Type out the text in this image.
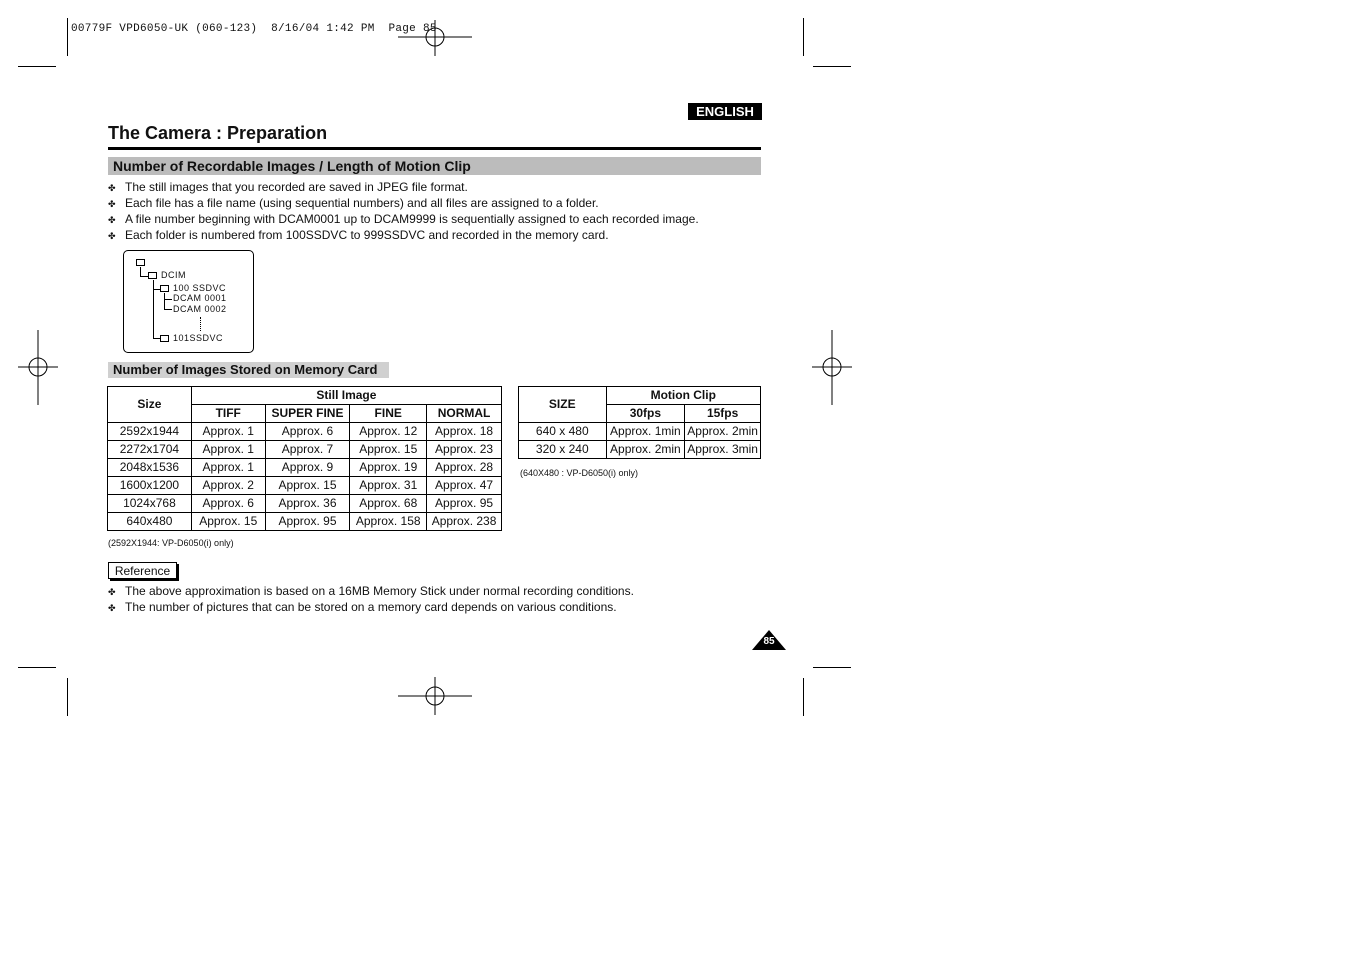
00779F VPD6050-UK (060-123)  8/16/04 1:42 PM  Page 85
ENGLISH
The Camera : Preparation
Number of Recordable Images / Length of Motion Clip
✤ The still images that you recorded are saved in JPEG file format.
✤ Each file has a file name (using sequential numbers) and all files are assigned to a folder.
✤ A file number beginning with DCAM0001 up to DCAM9999 is sequentially assigned to each recorded image.
✤ Each folder is numbered from 100SSDVC to 999SSDVC and recorded in the memory card.
DCIM
100 SSDVC
DCAM 0001
DCAM 0002
101SSDVC
Number of Images Stored on Memory Card
Size	Still Image			
	TIFF	SUPER FINE	FINE	NORMAL
2592x1944	Approx. 1	Approx. 6	Approx. 12	Approx. 18
2272x1704	Approx. 1	Approx. 7	Approx. 15	Approx. 23
2048x1536	Approx. 1	Approx. 9	Approx. 19	Approx. 28
1600x1200	Approx. 2	Approx. 15	Approx. 31	Approx. 47
1024x768	Approx. 6	Approx. 36	Approx. 68	Approx. 95
640x480	Approx. 15	Approx. 95	Approx. 158	Approx. 238
(2592X1944: VP-D6050(i) only)
SIZE	Motion Clip	
	30fps	15fps
640 x 480	Approx. 1min	Approx. 2min
320 x 240	Approx. 2min	Approx. 3min
(640X480 : VP-D6050(i) only)
Reference
✤ The above approximation is based on a 16MB Memory Stick under normal recording conditions.
✤ The number of pictures that can be stored on a memory card depends on various conditions.
85
